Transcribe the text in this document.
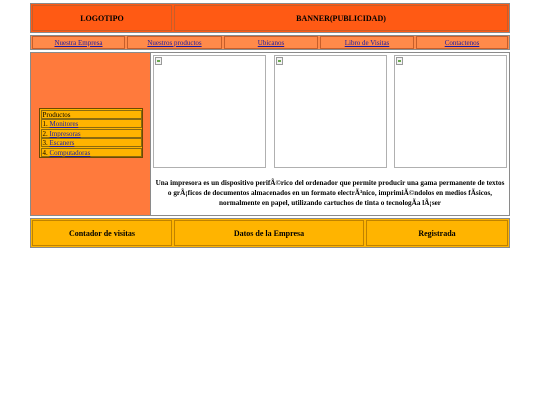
LOGOTIPO	BANNER(PUBLICIDAD)
Nuestra Empresa	Nuestros productos	Ubicanos	Libro de Visitas	Contactenos
Productos
1. Monitores
2. Impresoras
3. Escaners
4. Computadoras
Una impresora es un dispositivo perifÃ©rico del ordenador que permite producir una gama permanente de textos o grÃ¡ficos de documentos almacenados en un formato electrÃ³nico, imprimiÃ©ndolos en medios fÃsicos, normalmente en papel, utilizando cartuchos de tinta o tecnologÃa lÃ¡ser
Contador de visitas	Datos de la Empresa	Registrada
